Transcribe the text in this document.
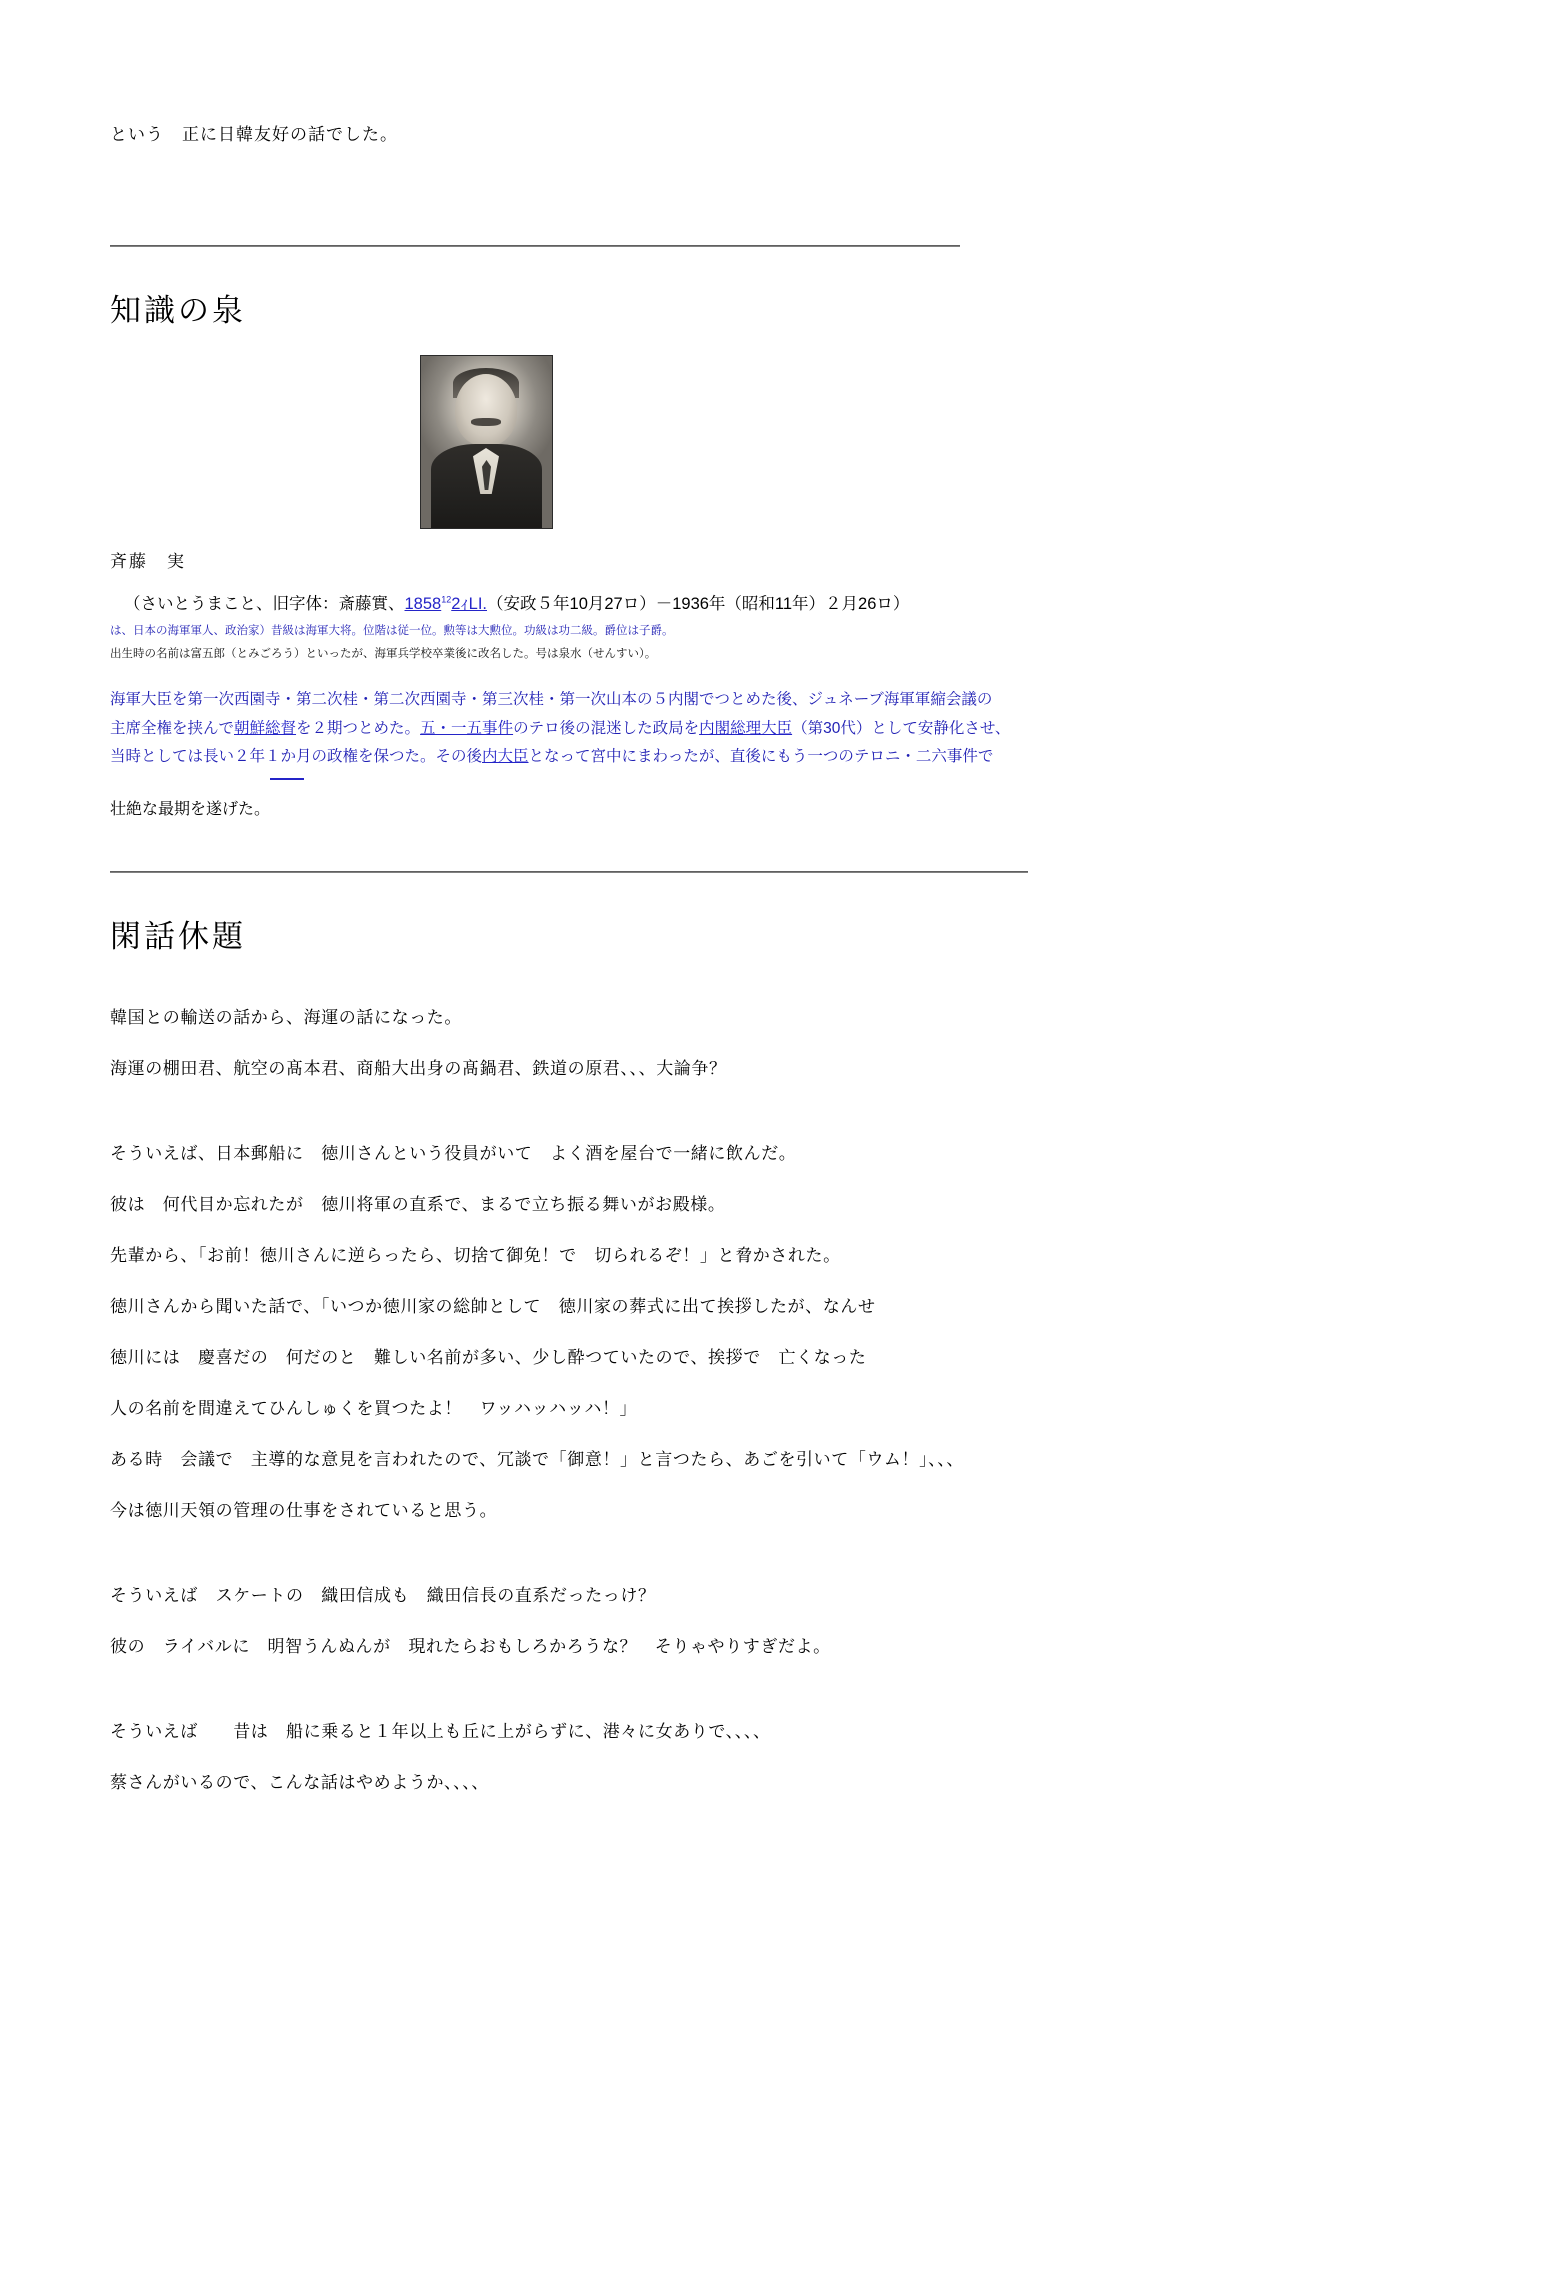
という　正に日韓友好の話でした。
――――――――――――――――――――――――――――――――――――――――――――――――――
知識の泉
斉藤　実
（さいとうまこと、旧字体：斎藤實、1858$^{12}$2ｨLI.（安政５年10月27ロ）－1936年（昭和11年）２月26ロ）
は、日本の海軍軍人、政治家）昔級は海軍大将。位階は従一位。勲等は大勲位。功級は功二級。爵位は子爵。
出生時の名前は富五郎（とみごろう）といったが、海軍兵学校卒業後に改名した。号は泉水（せんすい）。
海軍大臣を第一次西園寺・第二次桂・第二次西園寺・第三次桂・第一次山本の５内閣でつとめた後、ジュネーブ海軍軍縮会議の
主席全権を挟んで朝鮮総督を２期つとめた。五・一五事件のテロ後の混迷した政局を内閣総理大臣（第30代）として安静化させ、
当時としては長い２年１か月の政権を保つた。その後内大臣となって宮中にまわったが、直後にもう一つのテロニ・二六事件で
壮絶な最期を遂げた。
――――――――――――――――――――――――――――――――――――――――――――――――――――――
閑話休題

韓国との輸送の話から、海運の話になった。

海運の棚田君、航空の髙本君、商船大出身の髙鍋君、鉄道の原君、、、大論争？

そういえば、日本郵船に　徳川さんという役員がいて　よく酒を屋台で一緒に飲んだ。

彼は　何代目か忘れたが　徳川将軍の直系で、まるで立ち振る舞いがお殿様。

先輩から、「お前！徳川さんに逆らったら、切捨て御免！で　切られるぞ！」と脅かされた。

徳川さんから聞いた話で、「いつか徳川家の総帥として　徳川家の葬式に出て挨拶したが、なんせ

徳川には　慶喜だの　何だのと　難しい名前が多い、少し酔つていたので、挨拶で　亡くなった

人の名前を間違えてひんしゅくを買つたよ！　ワッハッハッハ！」

ある時　会議で　主導的な意見を言われたので、冗談で「御意！」と言つたら、あごを引いて「ウム！」、、、

今は徳川天領の管理の仕事をされていると思う。

そういえば　スケートの　織田信成も　織田信長の直系だったっけ？

彼の　ライバルに　明智うんぬんが　現れたらおもしろかろうな？　そりゃやりすぎだよ。

そういえば　　昔は　船に乗ると１年以上も丘に上がらずに、港々に女ありで、、、、

蔡さんがいるので、こんな話はやめようか、、、、
